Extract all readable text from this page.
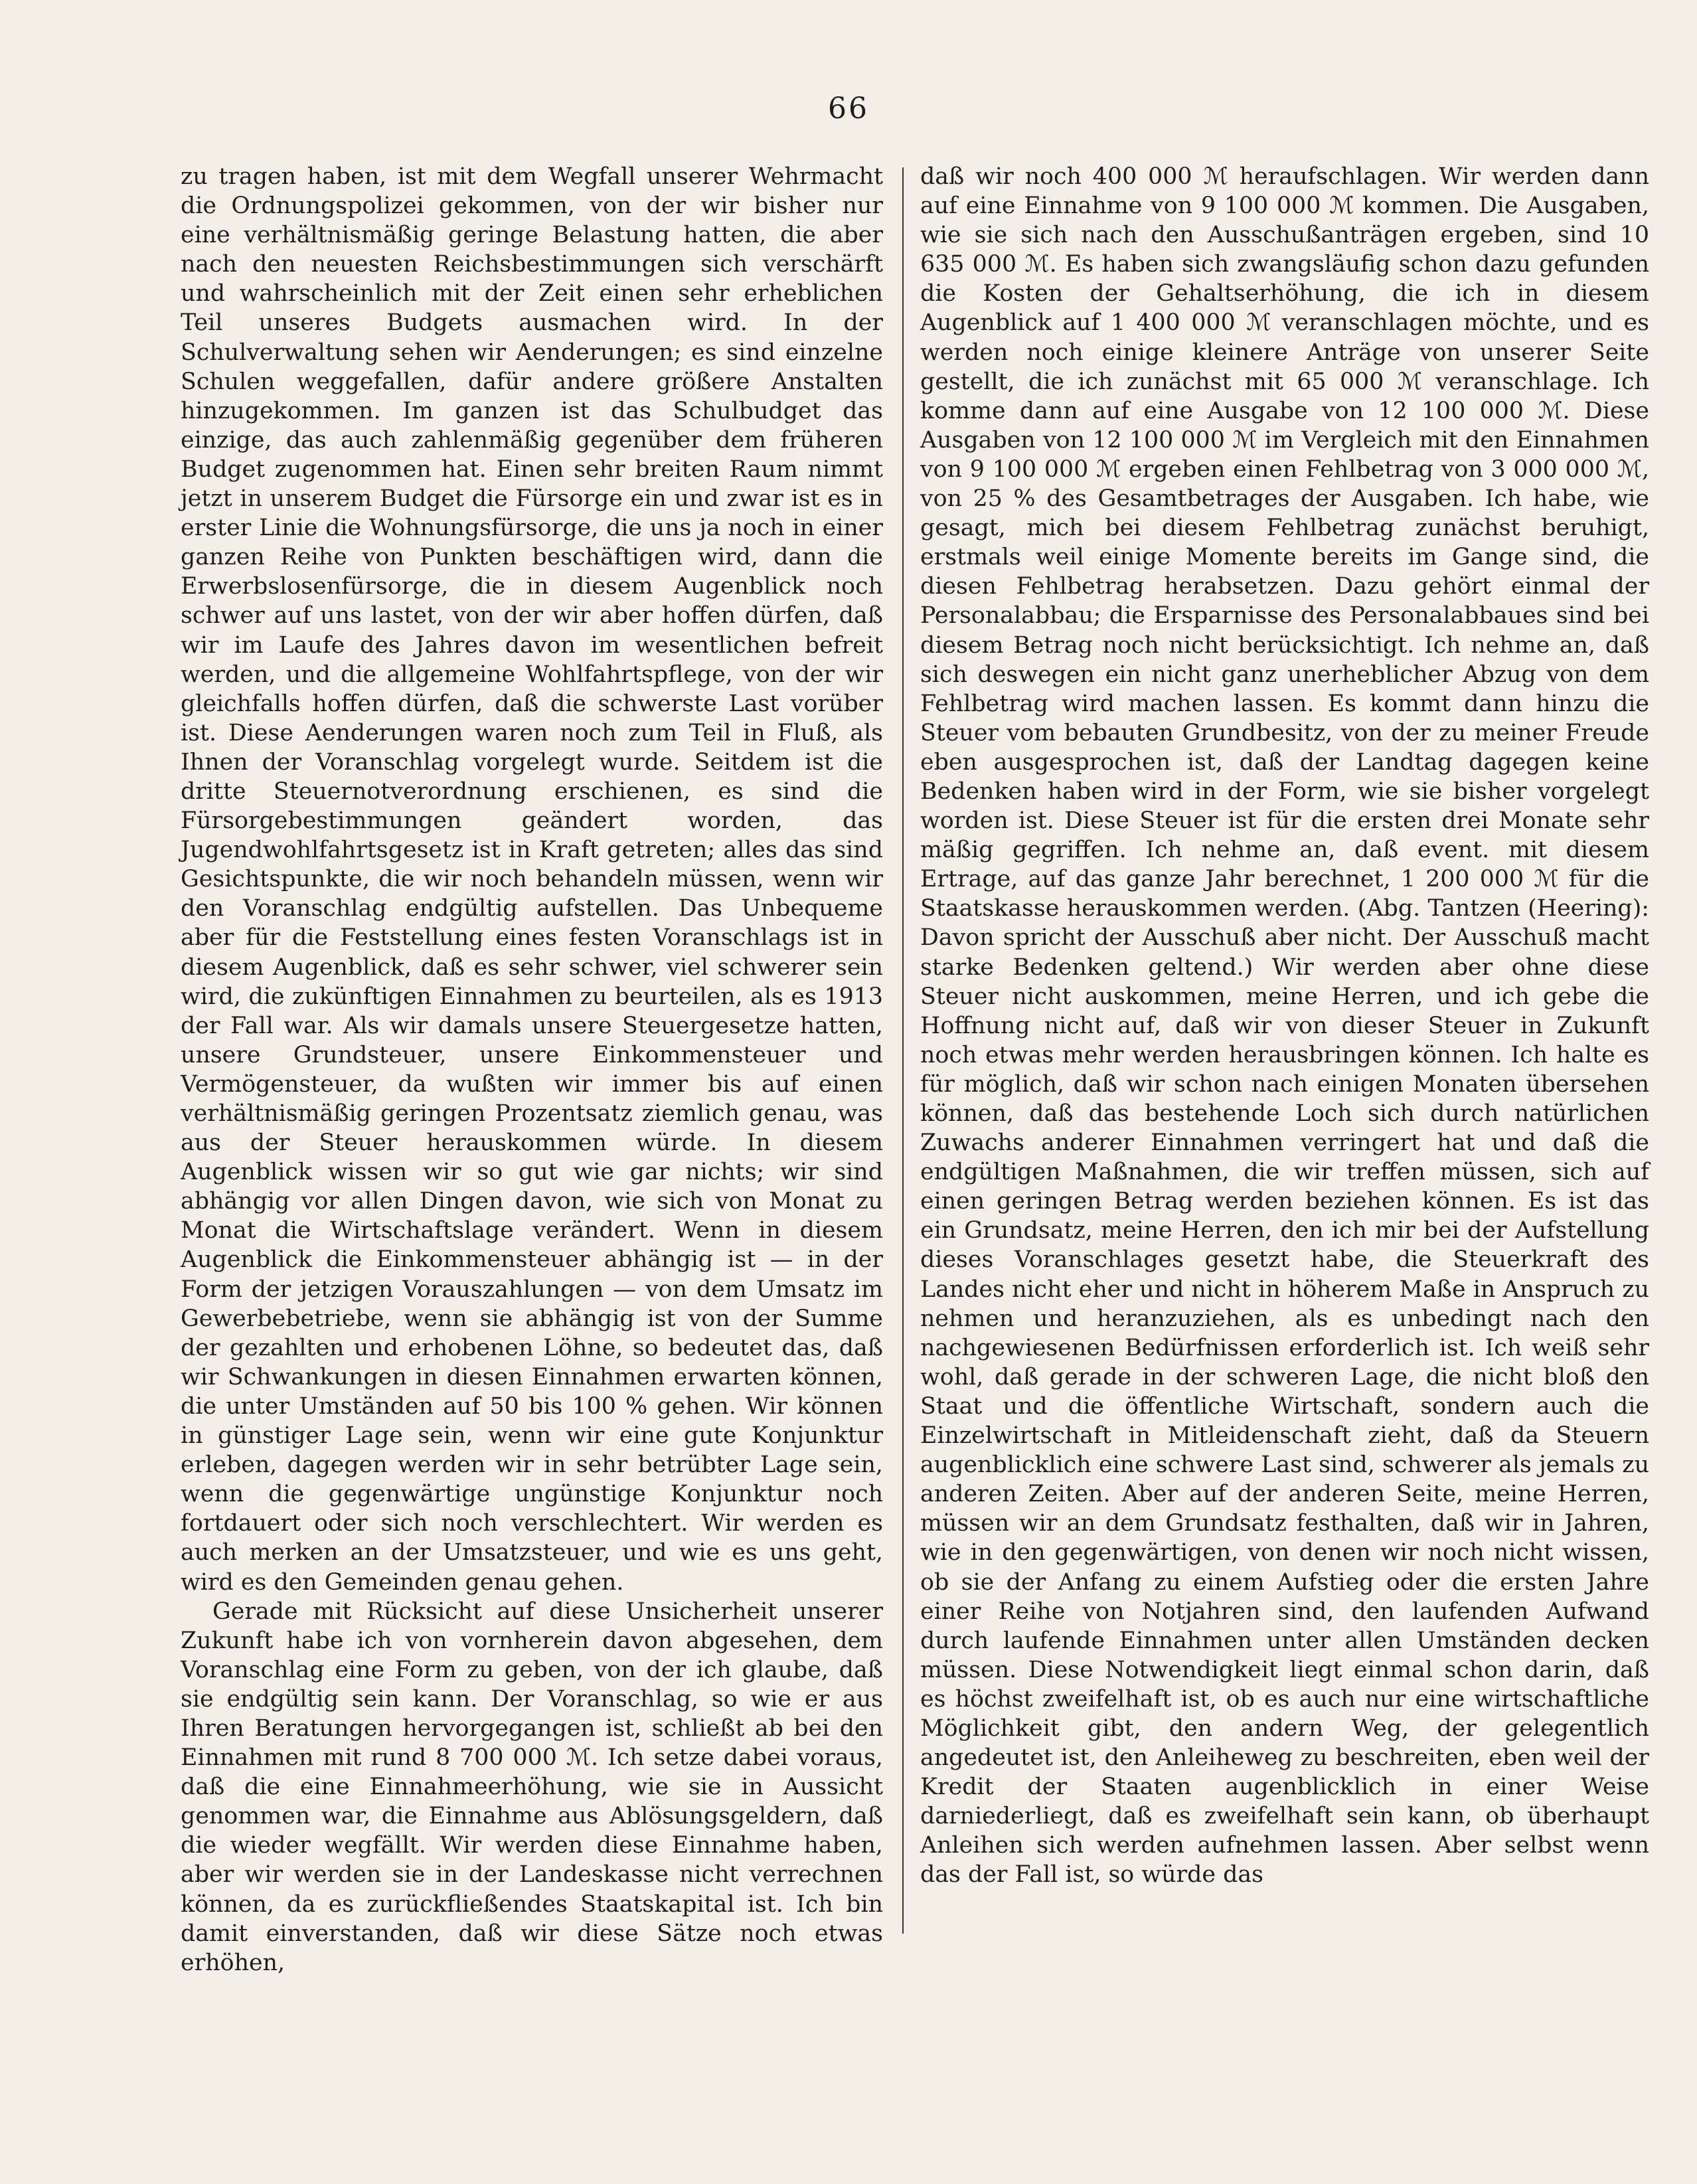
66

zu tragen haben, ist mit dem Wegfall unserer Wehrmacht die Ordnungspolizei gekommen, von der wir bisher nur eine verhältnismäßig geringe Belastung hatten, die aber nach den neuesten Reichsbestimmungen sich verschärft und wahrscheinlich mit der Zeit einen sehr erheblichen Teil unseres Budgets ausmachen wird. In der Schulverwaltung sehen wir Aenderungen; es sind einzelne Schulen weggefallen, dafür andere größere Anstalten hinzugekommen. Im ganzen ist das Schulbudget das einzige, das auch zahlenmäßig gegenüber dem früheren Budget zugenommen hat. Einen sehr breiten Raum nimmt jetzt in unserem Budget die Fürsorge ein und zwar ist es in erster Linie die Wohnungsfürsorge, die uns ja noch in einer ganzen Reihe von Punkten beschäftigen wird, dann die Erwerbslosenfürsorge, die in diesem Augenblick noch schwer auf uns lastet, von der wir aber hoffen dürfen, daß wir im Laufe des Jahres davon im wesentlichen befreit werden, und die allgemeine Wohlfahrtspflege, von der wir gleichfalls hoffen dürfen, daß die schwerste Last vorüber ist. Diese Aenderungen waren noch zum Teil in Fluß, als Ihnen der Voranschlag vorgelegt wurde. Seitdem ist die dritte Steuernotverordnung erschienen, es sind die Fürsorgebestimmungen geändert worden, das Jugendwohlfahrtsgesetz ist in Kraft getreten; alles das sind Gesichtspunkte, die wir noch behandeln müssen, wenn wir den Voranschlag endgültig aufstellen. Das Unbequeme aber für die Feststellung eines festen Voranschlags ist in diesem Augenblick, daß es sehr schwer, viel schwerer sein wird, die zukünftigen Einnahmen zu beurteilen, als es 1913 der Fall war. Als wir damals unsere Steuergesetze hatten, unsere Grundsteuer, unsere Einkommensteuer und Vermögensteuer, da wußten wir immer bis auf einen verhältnismäßig geringen Prozentsatz ziemlich genau, was aus der Steuer herauskommen würde. In diesem Augenblick wissen wir so gut wie gar nichts; wir sind abhängig vor allen Dingen davon, wie sich von Monat zu Monat die Wirtschaftslage verändert. Wenn in diesem Augenblick die Einkommensteuer abhängig ist — in der Form der jetzigen Vorauszahlungen — von dem Umsatz im Gewerbebetriebe, wenn sie abhängig ist von der Summe der gezahlten und erhobenen Löhne, so bedeutet das, daß wir Schwankungen in diesen Einnahmen erwarten können, die unter Umständen auf 50 bis 100 % gehen. Wir können in günstiger Lage sein, wenn wir eine gute Konjunktur erleben, dagegen werden wir in sehr betrübter Lage sein, wenn die gegenwärtige ungünstige Konjunktur noch fortdauert oder sich noch verschlechtert. Wir werden es auch merken an der Umsatzsteuer, und wie es uns geht, wird es den Gemeinden genau gehen.

Gerade mit Rücksicht auf diese Unsicherheit unserer Zukunft habe ich von vornherein davon abgesehen, dem Voranschlag eine Form zu geben, von der ich glaube, daß sie endgültig sein kann. Der Voranschlag, so wie er aus Ihren Beratungen hervorgegangen ist, schließt ab bei den Einnahmen mit rund 8 700 000 ℳ. Ich setze dabei voraus, daß die eine Einnahmeerhöhung, wie sie in Aussicht genommen war, die Einnahme aus Ablösungsgeldern, daß die wieder wegfällt. Wir werden diese Einnahme haben, aber wir werden sie in der Landeskasse nicht verrechnen können, da es zurückfließendes Staatskapital ist. Ich bin damit einverstanden, daß wir diese Sätze noch etwas erhöhen,

daß wir noch 400 000 ℳ heraufschlagen. Wir werden dann auf eine Einnahme von 9 100 000 ℳ kommen. Die Ausgaben, wie sie sich nach den Ausschußanträgen ergeben, sind 10 635 000 ℳ. Es haben sich zwangsläufig schon dazu gefunden die Kosten der Gehaltserhöhung, die ich in diesem Augenblick auf 1 400 000 ℳ veranschlagen möchte, und es werden noch einige kleinere Anträge von unserer Seite gestellt, die ich zunächst mit 65 000 ℳ veranschlage. Ich komme dann auf eine Ausgabe von 12 100 000 ℳ. Diese Ausgaben von 12 100 000 ℳ im Vergleich mit den Einnahmen von 9 100 000 ℳ ergeben einen Fehlbetrag von 3 000 000 ℳ, von 25 % des Gesamtbetrages der Ausgaben. Ich habe, wie gesagt, mich bei diesem Fehlbetrag zunächst beruhigt, erstmals weil einige Momente bereits im Gange sind, die diesen Fehlbetrag herabsetzen. Dazu gehört einmal der Personalabbau; die Ersparnisse des Personalabbaues sind bei diesem Betrag noch nicht berücksichtigt. Ich nehme an, daß sich deswegen ein nicht ganz unerheblicher Abzug von dem Fehlbetrag wird machen lassen. Es kommt dann hinzu die Steuer vom bebauten Grundbesitz, von der zu meiner Freude eben ausgesprochen ist, daß der Landtag dagegen keine Bedenken haben wird in der Form, wie sie bisher vorgelegt worden ist. Diese Steuer ist für die ersten drei Monate sehr mäßig gegriffen. Ich nehme an, daß event. mit diesem Ertrage, auf das ganze Jahr berechnet, 1 200 000 ℳ für die Staatskasse herauskommen werden. (Abg. Tantzen (Heering): Davon spricht der Ausschuß aber nicht. Der Ausschuß macht starke Bedenken geltend.) Wir werden aber ohne diese Steuer nicht auskommen, meine Herren, und ich gebe die Hoffnung nicht auf, daß wir von dieser Steuer in Zukunft noch etwas mehr werden herausbringen können. Ich halte es für möglich, daß wir schon nach einigen Monaten übersehen können, daß das bestehende Loch sich durch natürlichen Zuwachs anderer Einnahmen verringert hat und daß die endgültigen Maßnahmen, die wir treffen müssen, sich auf einen geringen Betrag werden beziehen können. Es ist das ein Grundsatz, meine Herren, den ich mir bei der Aufstellung dieses Voranschlages gesetzt habe, die Steuerkraft des Landes nicht eher und nicht in höherem Maße in Anspruch zu nehmen und heranzuziehen, als es unbedingt nach den nachgewiesenen Bedürfnissen erforderlich ist. Ich weiß sehr wohl, daß gerade in der schweren Lage, die nicht bloß den Staat und die öffentliche Wirtschaft, sondern auch die Einzelwirtschaft in Mitleidenschaft zieht, daß da Steuern augenblicklich eine schwere Last sind, schwerer als jemals zu anderen Zeiten. Aber auf der anderen Seite, meine Herren, müssen wir an dem Grundsatz festhalten, daß wir in Jahren, wie in den gegenwärtigen, von denen wir noch nicht wissen, ob sie der Anfang zu einem Aufstieg oder die ersten Jahre einer Reihe von Notjahren sind, den laufenden Aufwand durch laufende Einnahmen unter allen Umständen decken müssen. Diese Notwendigkeit liegt einmal schon darin, daß es höchst zweifelhaft ist, ob es auch nur eine wirtschaftliche Möglichkeit gibt, den andern Weg, der gelegentlich angedeutet ist, den Anleiheweg zu beschreiten, eben weil der Kredit der Staaten augenblicklich in einer Weise darniederliegt, daß es zweifelhaft sein kann, ob überhaupt Anleihen sich werden aufnehmen lassen. Aber selbst wenn das der Fall ist, so würde das
